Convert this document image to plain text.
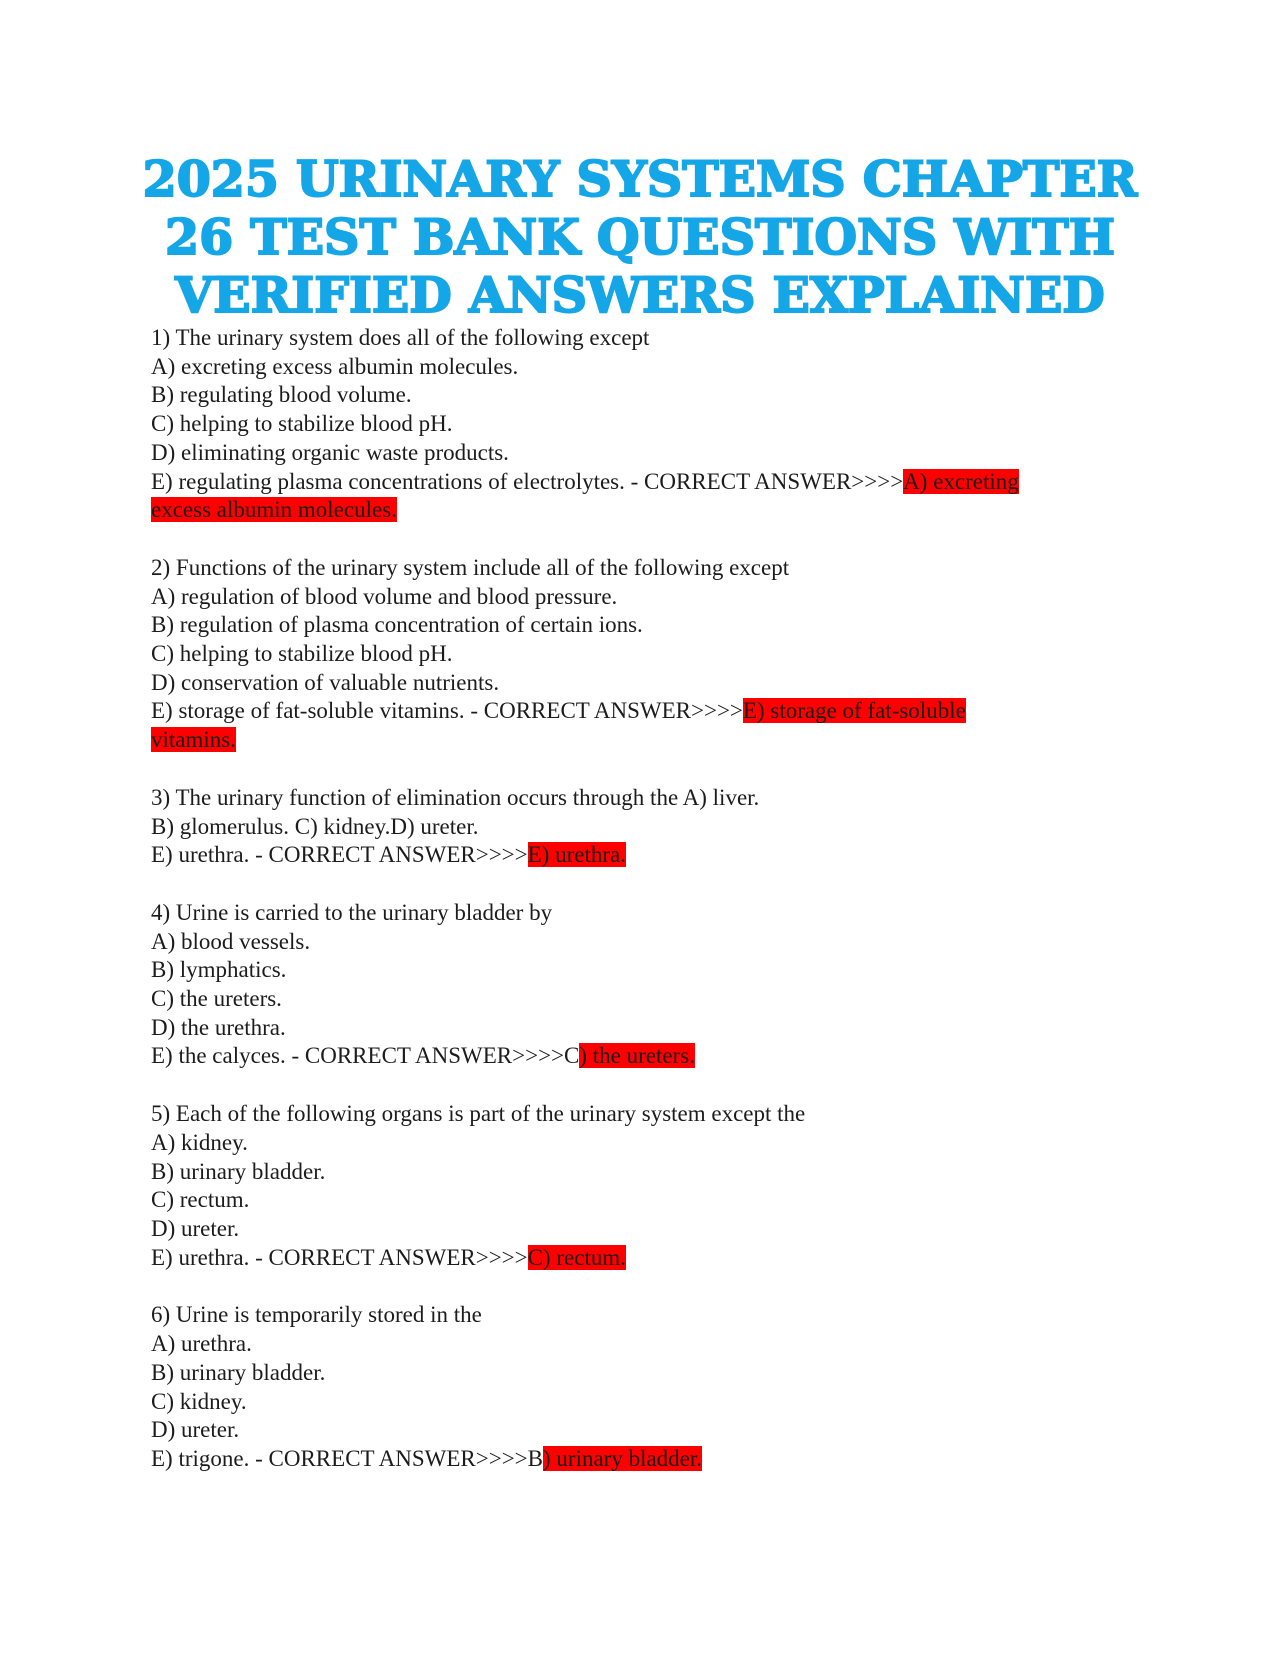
2025 URINARY SYSTEMS CHAPTER
26 TEST BANK QUESTIONS WITH
VERIFIED ANSWERS EXPLAINED
1) The urinary system does all of the following except
A) excreting excess albumin molecules.
B) regulating blood volume.
C) helping to stabilize blood pH.
D) eliminating organic waste products.
E) regulating plasma concentrations of electrolytes. - CORRECT ANSWER>>>>A) excreting
excess albumin molecules.
2) Functions of the urinary system include all of the following except
A) regulation of blood volume and blood pressure.
B) regulation of plasma concentration of certain ions.
C) helping to stabilize blood pH.
D) conservation of valuable nutrients.
E) storage of fat-soluble vitamins. - CORRECT ANSWER>>>>E) storage of fat-soluble
vitamins.
3) The urinary function of elimination occurs through the A) liver.
B) glomerulus. C) kidney.D) ureter.
E) urethra. - CORRECT ANSWER>>>>E) urethra.
4) Urine is carried to the urinary bladder by
A) blood vessels.
B) lymphatics.
C) the ureters.
D) the urethra.
E) the calyces. - CORRECT ANSWER>>>>C) the ureters.
5) Each of the following organs is part of the urinary system except the
A) kidney.
B) urinary bladder.
C) rectum.
D) ureter.
E) urethra. - CORRECT ANSWER>>>>C) rectum.
6) Urine is temporarily stored in the
A) urethra.
B) urinary bladder.
C) kidney.
D) ureter.
E) trigone. - CORRECT ANSWER>>>>B) urinary bladder.
